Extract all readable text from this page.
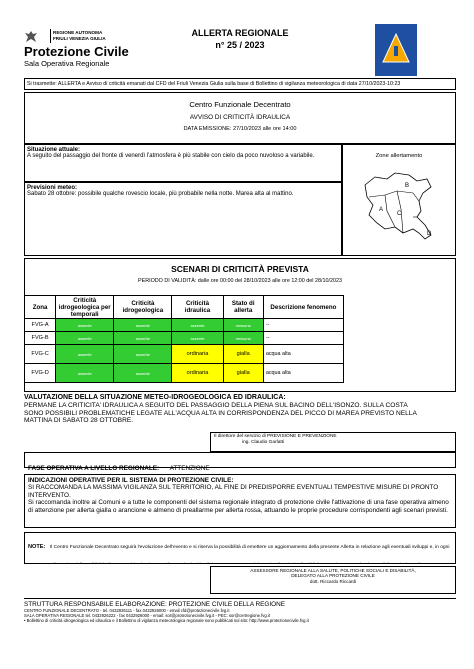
REGIONE AUTONOMA
FRIULI VENEZIA GIULIA
Protezione Civile
Sala Operativa Regionale
ALLERTA REGIONALE
n° 25 / 2023
Si trasmette: ALLERTA e Avviso di criticità emanati dal CFD del Friuli Venezia Giulia sulla base di Bollettino di vigilanza meteorologica di data 27/10/2023-10:23
Centro Funzionale Decentrato
AVVISO DI CRITICITÀ IDRAULICA
DATA EMISSIONE: 27/10/2023 alle ore 14:00
Situazione attuale:
A seguito del passaggio del fronte di venerdì l'atmosfera è più stabile con cielo da poco nuvoloso a variabile.
Previsioni meteo:
Sabato 28 ottobre: possibile qualche rovescio locale, più probabile nella notte. Marea alta al mattino.
Zone allertamento
A
B
C
D
SCENARI DI CRITICITÀ PREVISTA
PERIODO DI VALIDITÀ: dalle ore 00:00 del 28/10/2023 alle ore 12:00 del 28/10/2023
Zona	Criticità idrogeologica per temporali	Criticità idrogeologica	Criticità idraulica	Stato di allerta	Descrizione fenomeno
FVG-A	assente	assente	assente	nessuna	--
FVG-B	assente	assente	assente	nessuna	--
FVG-C	assente	assente	ordinaria	gialla	acqua alta
FVG-D	assente	assente	ordinaria	gialla	acqua alta
VALUTAZIONE DELLA SITUAZIONE METEO-IDROGEOLOGICA ED IDRAULICA:
PERMANE LA CRITICITA' IDRAULICA A SEGUITO DEL PASSAGGIO DELLA PIENA SUL BACINO DELL'ISONZO. SULLA COSTA SONO POSSIBILI PROBLEMATICHE LEGATE ALL'ACQUA ALTA IN CORRISPONDENZA DEL PICCO DI MAREA PREVISTO NELLA MATTINA DI SABATO 28 OTTOBRE.
Il direttore del servizio di PREVISIONE E PREVENZIONE
ing. Claudio Garlatti
FASE OPERATIVA A LIVELLO REGIONALE: ATTENZIONE
INDICAZIONI OPERATIVE PER IL SISTEMA DI PROTEZIONE CIVILE:
SI RACCOMANDA LA MASSIMA VIGILANZA SUL TERRITORIO, AL FINE DI PREDISPORRE EVENTUALI TEMPESTIVE MISURE DI PRONTO INTERVENTO.
Si raccomanda inoltre ai Comuni e a tutte le componenti del sistema regionale integrato di protezione civile l'attivazione di una fase operativa almeno di attenzione per allerta gialla o arancione e almeno di preallarme per allerta rossa, attuando le proprie procedure corrispondenti agli scenari previsti.
NOTE: Il Centro Funzionale Decentrato seguirà l'evoluzione dell'evento e si riserva la possibilità di emettere un aggiornamento della presente Allerta in relazione agli eventuali sviluppi e, in ogni
ASSESSORE REGIONALE ALLA SALUTE, POLITICHE SOCIALI E DISABILITÀ,
DELEGATO ALLA PROTEZIONE CIVILE
dott. Riccardo Riccardi
STRUTTURA RESPONSABILE ELABORAZIONE: PROTEZIONE CIVILE DELLA REGIONE
CENTRO FUNZIONALE DECENTRATO - tel. 0432926111 - fax 0432926000 - email cfd@protezionecivile.fvg.it
SALA OPERATIVA REGIONALE tel. 0432926222 - fax 0432926000 - email: sor@protezionecivile.fvg.it - PEC: sor@certregione.fvg.it
• Bollettino di criticità idrogeologica ed idraulica e il Bollettino di vigilanza meteorologica regionale sono pubblicati sul sito: http://www.protezionecivile.fvg.it
